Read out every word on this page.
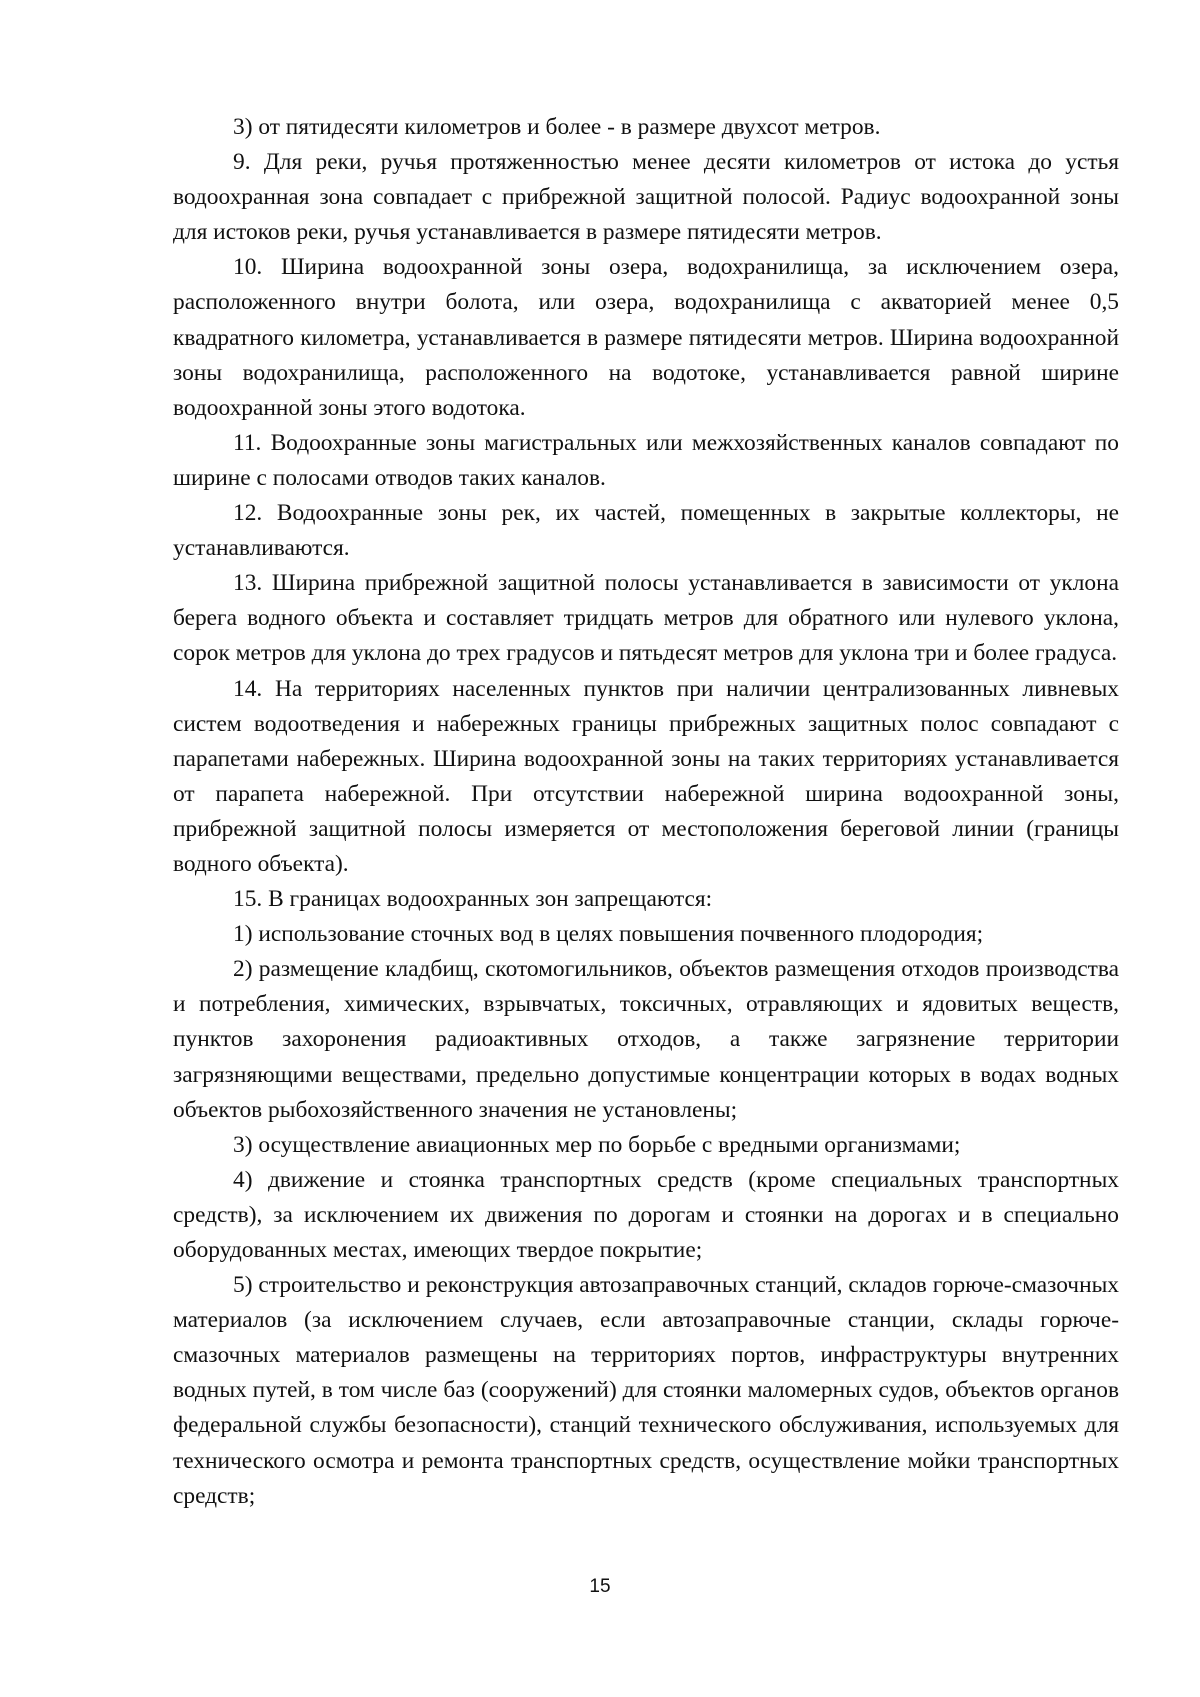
3) от пятидесяти километров и более - в размере двухсот метров.

9. Для реки, ручья протяженностью менее десяти километров от истока до устья водоохранная зона совпадает с прибрежной защитной полосой. Радиус водоохранной зоны для истоков реки, ручья устанавливается в размере пятидесяти метров.

10. Ширина водоохранной зоны озера, водохранилища, за исключением озера, расположенного внутри болота, или озера, водохранилища с акваторией менее 0,5 квадратного километра, устанавливается в размере пятидесяти метров. Ширина водоохранной зоны водохранилища, расположенного на водотоке, устанавливается равной ширине водоохранной зоны этого водотока.

11. Водоохранные зоны магистральных или межхозяйственных каналов совпадают по ширине с полосами отводов таких каналов.

12. Водоохранные зоны рек, их частей, помещенных в закрытые коллекторы, не устанавливаются.

13. Ширина прибрежной защитной полосы устанавливается в зависимости от уклона берега водного объекта и составляет тридцать метров для обратного или нулевого уклона, сорок метров для уклона до трех градусов и пятьдесят метров для уклона три и более градуса.

14. На территориях населенных пунктов при наличии централизованных ливневых систем водоотведения и набережных границы прибрежных защитных полос совпадают с парапетами набережных. Ширина водоохранной зоны на таких территориях устанавливается от парапета набережной. При отсутствии набережной ширина водоохранной зоны, прибрежной защитной полосы измеряется от местоположения береговой линии (границы водного объекта).

15. В границах водоохранных зон запрещаются:

1) использование сточных вод в целях повышения почвенного плодородия;

2) размещение кладбищ, скотомогильников, объектов размещения отходов производства и потребления, химических, взрывчатых, токсичных, отравляющих и ядовитых веществ, пунктов захоронения радиоактивных отходов, а также загрязнение территории загрязняющими веществами, предельно допустимые концентрации которых в водах водных объектов рыбохозяйственного значения не установлены;

3) осуществление авиационных мер по борьбе с вредными организмами;

4) движение и стоянка транспортных средств (кроме специальных транспортных средств), за исключением их движения по дорогам и стоянки на дорогах и в специально оборудованных местах, имеющих твердое покрытие;

5) строительство и реконструкция автозаправочных станций, складов горюче-смазочных материалов (за исключением случаев, если автозаправочные станции, склады горюче-смазочных материалов размещены на территориях портов, инфраструктуры внутренних водных путей, в том числе баз (сооружений) для стоянки маломерных судов, объектов органов федеральной службы безопасности), станций технического обслуживания, используемых для технического осмотра и ремонта транспортных средств, осуществление мойки транспортных средств;

15
